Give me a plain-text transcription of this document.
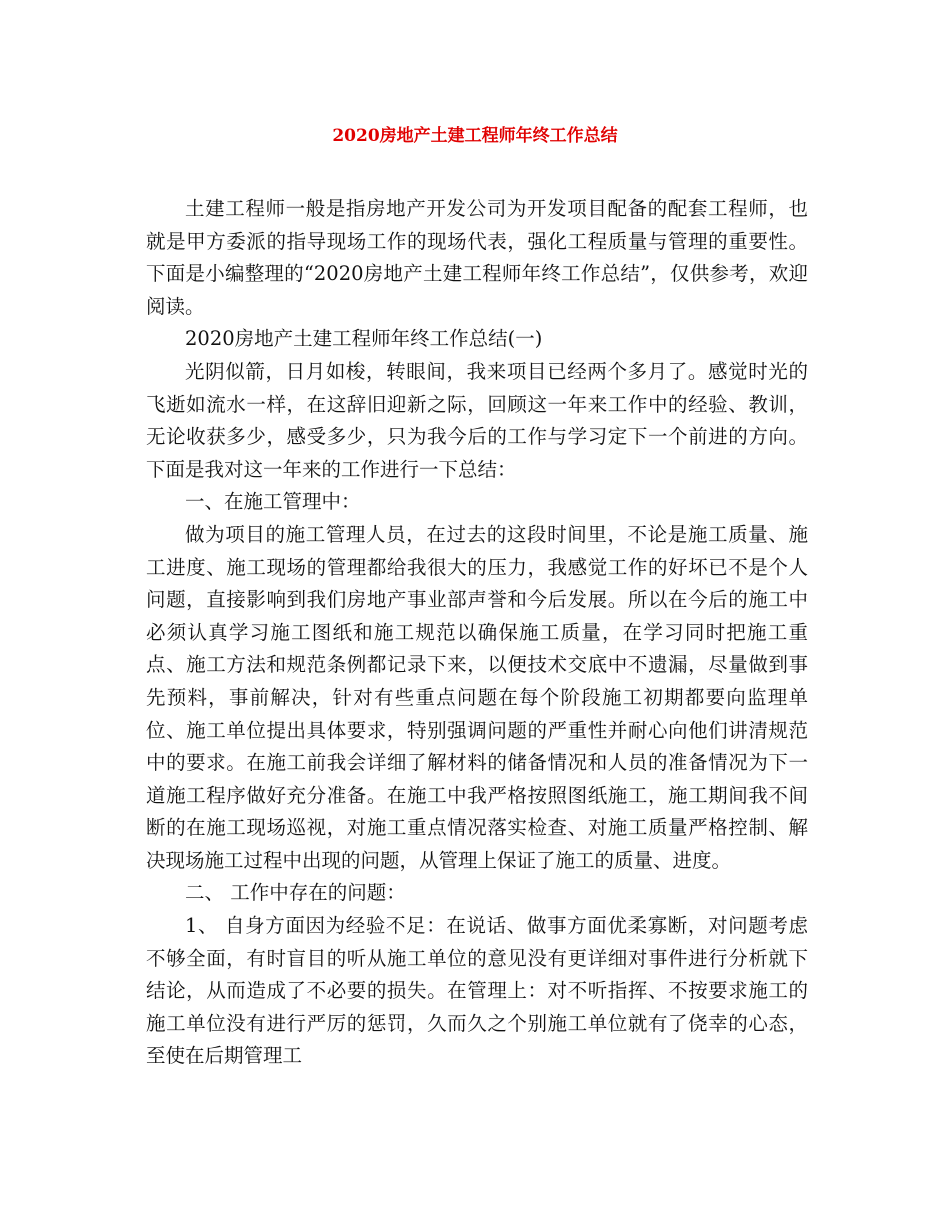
2020房地产土建工程师年终工作总结

土建工程师一般是指房地产开发公司为开发项目配备的配套工程师，也就是甲方委派的指导现场工作的现场代表，强化工程质量与管理的重要性。下面是小编整理的“2020房地产土建工程师年终工作总结”，仅供参考，欢迎阅读。

2020房地产土建工程师年终工作总结(一)

光阴似箭，日月如梭，转眼间，我来项目已经两个多月了。感觉时光的飞逝如流水一样，在这辞旧迎新之际，回顾这一年来工作中的经验、教训，无论收获多少，感受多少，只为我今后的工作与学习定下一个前进的方向。下面是我对这一年来的工作进行一下总结：

一、在施工管理中：

做为项目的施工管理人员，在过去的这段时间里，不论是施工质量、施工进度、施工现场的管理都给我很大的压力，我感觉工作的好坏已不是个人问题，直接影响到我们房地产事业部声誉和今后发展。所以在今后的施工中必须认真学习施工图纸和施工规范以确保施工质量，在学习同时把施工重点、施工方法和规范条例都记录下来，以便技术交底中不遗漏，尽量做到事先预料，事前解决，针对有些重点问题在每个阶段施工初期都要向监理单位、施工单位提出具体要求，特别强调问题的严重性并耐心向他们讲清规范中的要求。在施工前我会详细了解材料的储备情况和人员的准备情况为下一道施工程序做好充分准备。在施工中我严格按照图纸施工，施工期间我不间断的在施工现场巡视，对施工重点情况落实检查、对施工质量严格控制、解决现场施工过程中出现的问题，从管理上保证了施工的质量、进度。

二、 工作中存在的问题：

1、 自身方面因为经验不足：在说话、做事方面优柔寡断，对问题考虑不够全面，有时盲目的听从施工单位的意见没有更详细对事件进行分析就下结论，从而造成了不必要的损失。在管理上：对不听指挥、不按要求施工的施工单位没有进行严厉的惩罚，久而久之个别施工单位就有了侥幸的心态，至使在后期管理工
